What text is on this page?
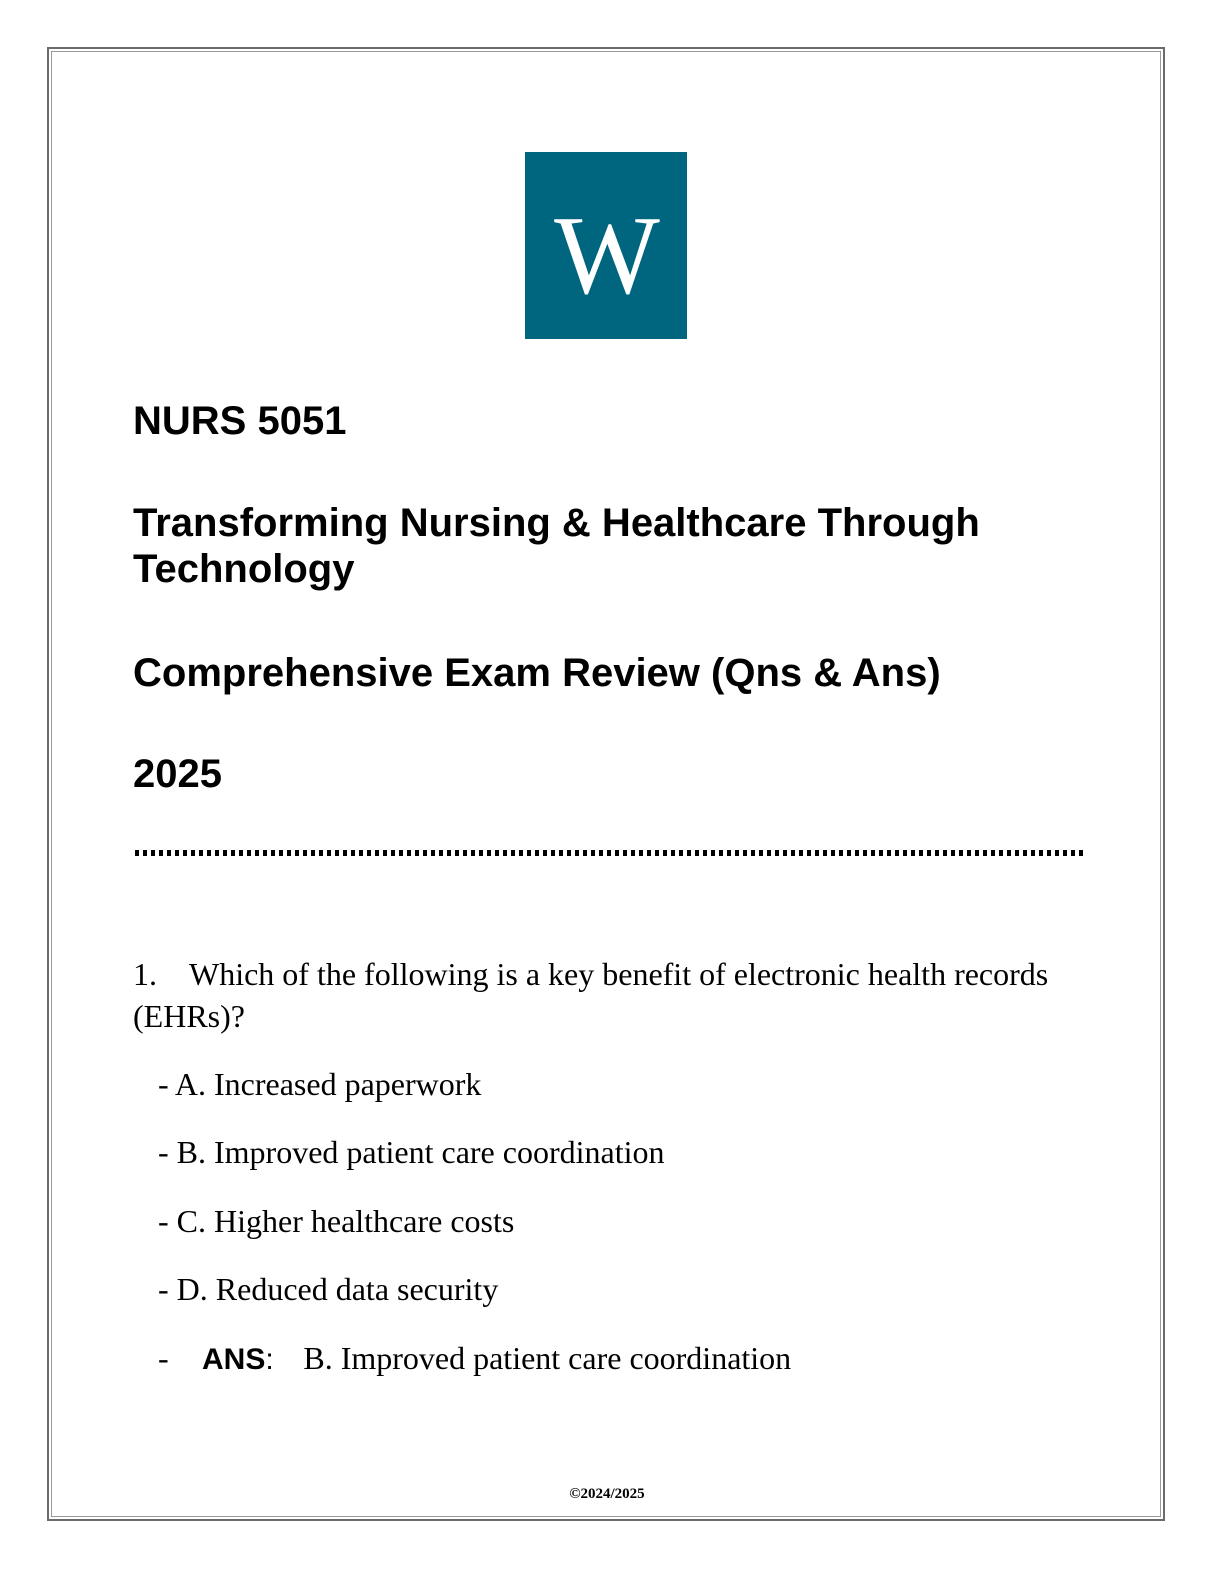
W
NURS 5051
Transforming Nursing & Healthcare Through Technology
Comprehensive Exam Review (Qns & Ans)
2025
1. Which of the following is a key benefit of electronic health records (EHRs)?
- A. Increased paperwork
- B. Improved patient care coordination
- C. Higher healthcare costs
- D. Reduced data security
- ANS: B. Improved patient care coordination
©2024/2025
